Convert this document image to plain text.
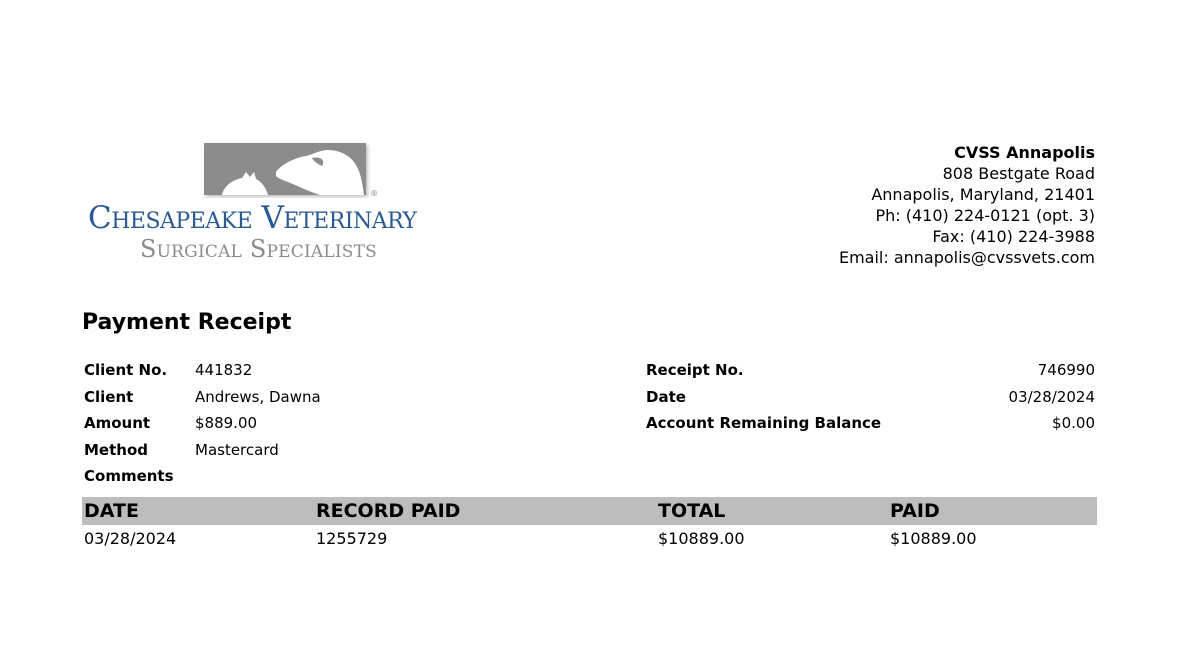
®
Chesapeake Veterinary
Surgical Specialists
CVSS Annapolis
808 Bestgate Road
Annapolis, Maryland, 21401
Ph: (410) 224-0121 (opt. 3)
Fax: (410) 224-3988
Email: annapolis@cvssvets.com
Payment Receipt
Client No.	441832
Client	Andrews, Dawna
Amount	$889.00
Method	Mastercard
Comments
Receipt No.	746990
Date	03/28/2024
Account Remaining Balance	$0.00
DATE	RECORD PAID	TOTAL	PAID
03/28/2024	1255729	$10889.00	$10889.00
